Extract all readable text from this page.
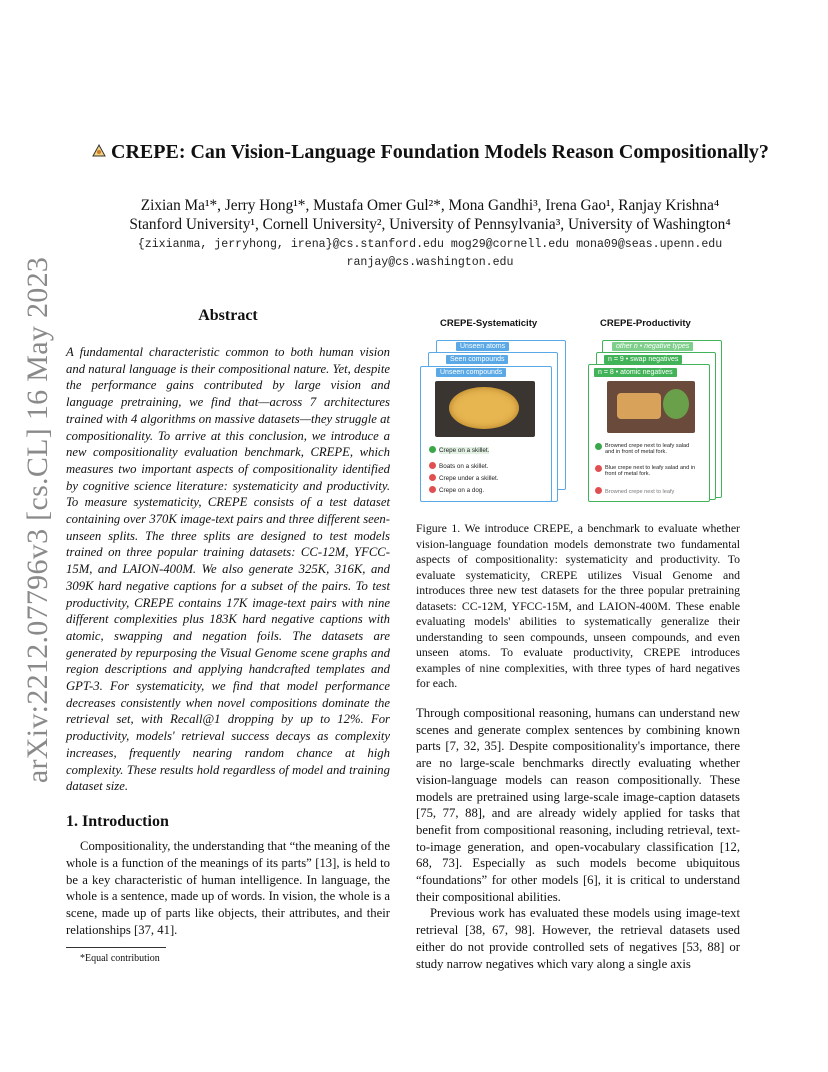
arXiv:2212.07796v3 [cs.CL] 16 May 2023
CREPE: Can Vision-Language Foundation Models Reason Compositionally?
Zixian Ma¹*, Jerry Hong¹*, Mustafa Omer Gul²*, Mona Gandhi³, Irena Gao¹, Ranjay Krishna⁴
Stanford University¹, Cornell University², University of Pennsylvania³, University of Washington⁴
{zixianma, jerryhong, irena}@cs.stanford.edu mog29@cornell.edu mona09@seas.upenn.edu
ranjay@cs.washington.edu
Abstract
A fundamental characteristic common to both human vision and natural language is their compositional nature. Yet, despite the performance gains contributed by large vision and language pretraining, we find that—across 7 architectures trained with 4 algorithms on massive datasets—they struggle at compositionality. To arrive at this conclusion, we introduce a new compositionality evaluation benchmark, CREPE, which measures two important aspects of compositionality identified by cognitive science literature: systematicity and productivity. To measure systematicity, CREPE consists of a test dataset containing over 370K image-text pairs and three different seen-unseen splits. The three splits are designed to test models trained on three popular training datasets: CC-12M, YFCC-15M, and LAION-400M. We also generate 325K, 316K, and 309K hard negative captions for a subset of the pairs. To test productivity, CREPE contains 17K image-text pairs with nine different complexities plus 183K hard negative captions with atomic, swapping and negation foils. The datasets are generated by repurposing the Visual Genome scene graphs and region descriptions and applying handcrafted templates and GPT-3. For systematicity, we find that model performance decreases consistently when novel compositions dominate the retrieval set, with Recall@1 dropping by up to 12%. For productivity, models' retrieval success decays as complexity increases, frequently nearing random chance at high complexity. These results hold regardless of model and training dataset size.
1. Introduction
Compositionality, the understanding that “the meaning of the whole is a function of the meanings of its parts” [13], is held to be a key characteristic of human intelligence. In language, the whole is a sentence, made up of words. In vision, the whole is a scene, made up of parts like objects, their attributes, and their relationships [37, 41].
*Equal contribution
CREPE-Systematicity
Crepe on a skillet.
Boats on a skillet.
Crepe under a skillet.
Crepe on a dog.
Unseen atoms
Seen compounds
Unseen compounds
CREPE-Productivity
Browned crepe next to leafy salad and in front of metal fork.
Blue crepe next to leafy salad and in front of metal fork.
Browned crepe next to leafy
other n • negative types
n = 9 • swap negatives
n = 8 • atomic negatives
Figure 1. We introduce CREPE, a benchmark to evaluate whether vision-language foundation models demonstrate two fundamental aspects of compositionality: systematicity and productivity. To evaluate systematicity, CREPE utilizes Visual Genome and introduces three new test datasets for the three popular pretraining datasets: CC-12M, YFCC-15M, and LAION-400M. These enable evaluating models' abilities to systematically generalize their understanding to seen compounds, unseen compounds, and even unseen atoms. To evaluate productivity, CREPE introduces examples of nine complexities, with three types of hard negatives for each.

Through compositional reasoning, humans can understand new scenes and generate complex sentences by combining known parts [7, 32, 35]. Despite compositionality's importance, there are no large-scale benchmarks directly evaluating whether vision-language models can reason compositionally. These models are pretrained using large-scale image-caption datasets [75, 77, 88], and are already widely applied for tasks that benefit from compositional reasoning, including retrieval, text-to-image generation, and open-vocabulary classification [12, 68, 73]. Especially as such models become ubiquitous “foundations” for other models [6], it is critical to understand their compositional abilities.

Previous work has evaluated these models using image-text retrieval [38, 67, 98]. However, the retrieval datasets used either do not provide controlled sets of negatives [53, 88] or study narrow negatives which vary along a single axis
